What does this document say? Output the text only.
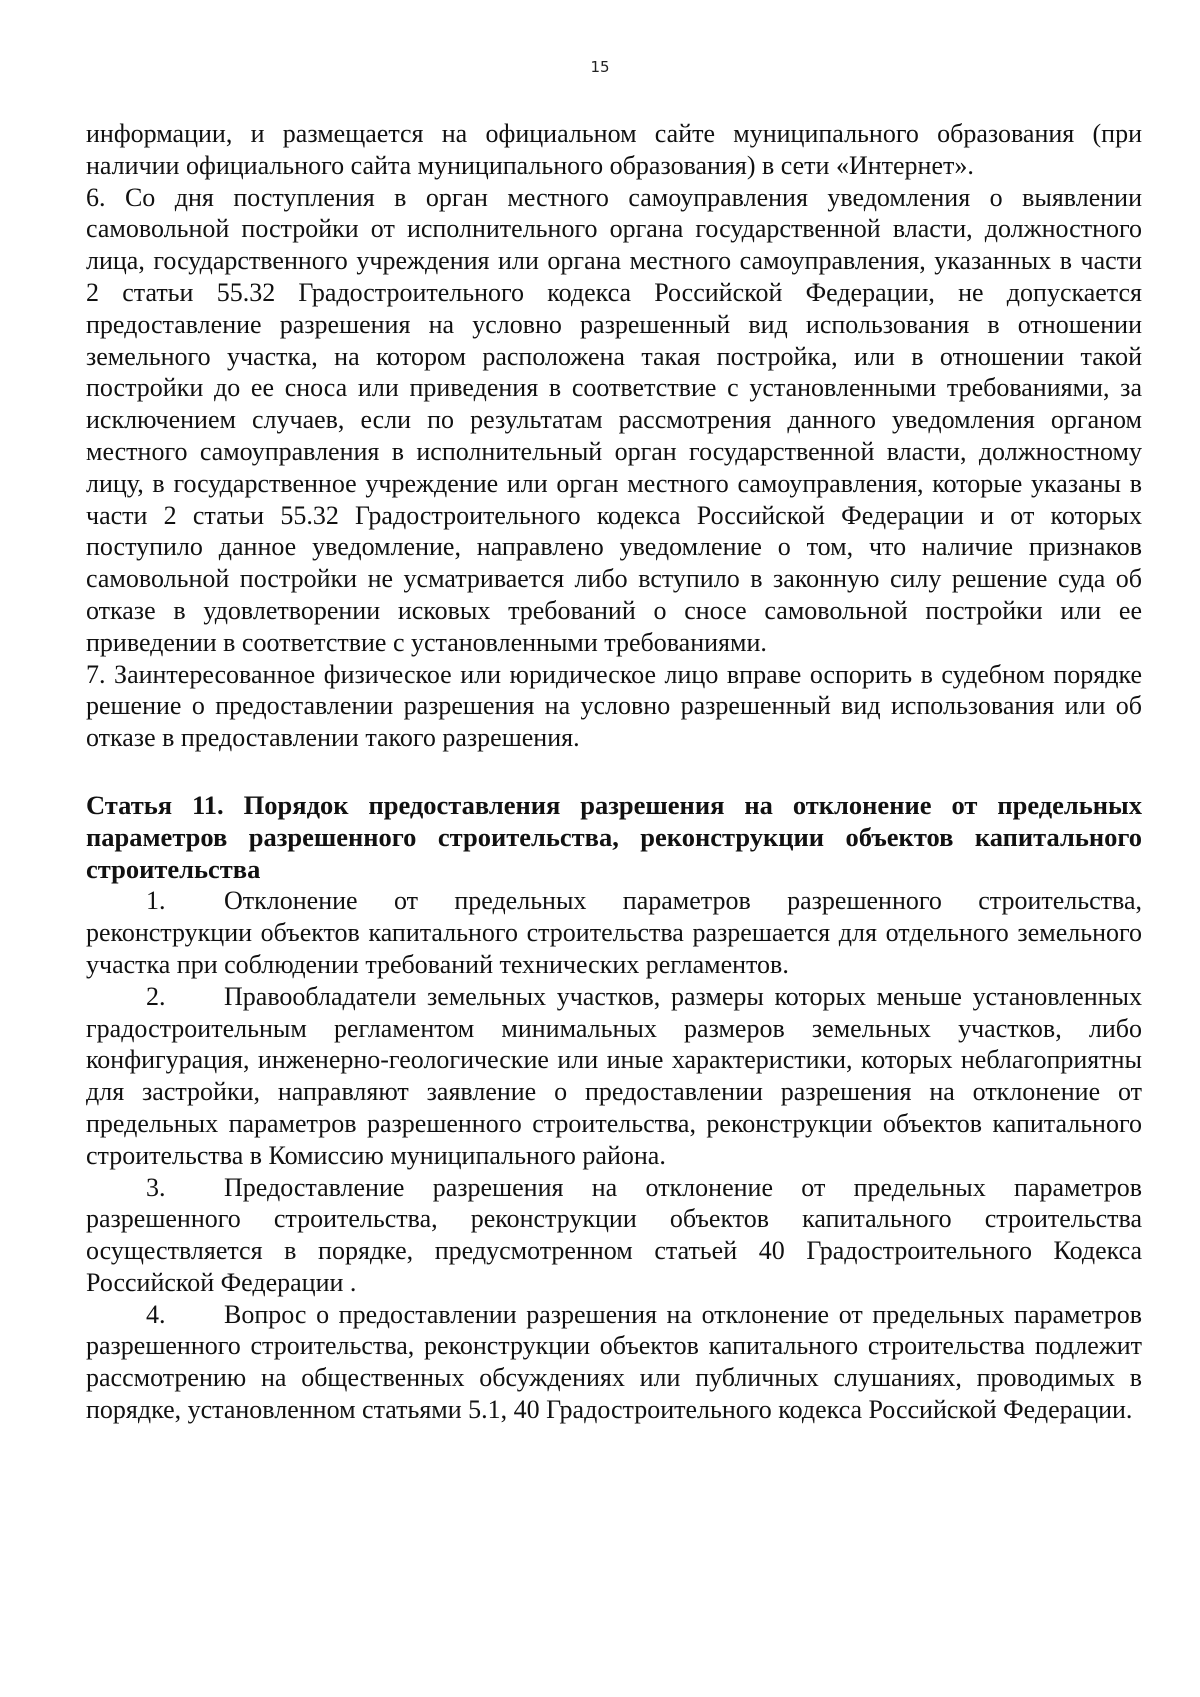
15

информации, и размещается на официальном сайте муниципального образования (при наличии официального сайта муниципального образования) в сети «Интернет».

6. Со дня поступления в орган местного самоуправления уведомления о выявлении самовольной постройки от исполнительного органа государственной власти, должностного лица, государственного учреждения или органа местного самоуправления, указанных в части 2 статьи 55.32 Градостроительного кодекса Российской Федерации, не допускается предоставление разрешения на условно разрешенный вид использования в отношении земельного участка, на котором расположена такая постройка, или в отношении такой постройки до ее сноса или приведения в соответствие с установленными требованиями, за исключением случаев, если по результатам рассмотрения данного уведомления органом местного самоуправления в исполнительный орган государственной власти, должностному лицу, в государственное учреждение или орган местного самоуправления, которые указаны в части 2 статьи 55.32 Градостроительного кодекса Российской Федерации и от которых поступило данное уведомление, направлено уведомление о том, что наличие признаков самовольной постройки не усматривается либо вступило в законную силу решение суда об отказе в удовлетворении исковых требований о сносе самовольной постройки или ее приведении в соответствие с установленными требованиями.

7. Заинтересованное физическое или юридическое лицо вправе оспорить в судебном порядке решение о предоставлении разрешения на условно разрешенный вид использования или об отказе в предоставлении такого разрешения.

Статья 11. Порядок предоставления разрешения на отклонение от предельных параметров разрешенного строительства, реконструкции объектов капитального строительства

1. Отклонение от предельных параметров разрешенного строительства, реконструкции объектов капитального строительства разрешается для отдельного земельного участка при соблюдении требований технических регламентов.

2. Правообладатели земельных участков, размеры которых меньше установленных градостроительным регламентом минимальных размеров земельных участков, либо конфигурация, инженерно-геологические или иные характеристики, которых неблагоприятны для застройки, направляют заявление о предоставлении разрешения на отклонение от предельных параметров разрешенного строительства, реконструкции объектов капитального строительства в Комиссию муниципального района.

3. Предоставление разрешения на отклонение от предельных параметров разрешенного строительства, реконструкции объектов капитального строительства осуществляется в порядке, предусмотренном статьей 40 Градостроительного Кодекса Российской Федерации .

4. Вопрос о предоставлении разрешения на отклонение от предельных параметров разрешенного строительства, реконструкции объектов капитального строительства подлежит рассмотрению на общественных обсуждениях или публичных слушаниях, проводимых в порядке, установленном статьями 5.1, 40 Градостроительного кодекса Российской Федерации.
